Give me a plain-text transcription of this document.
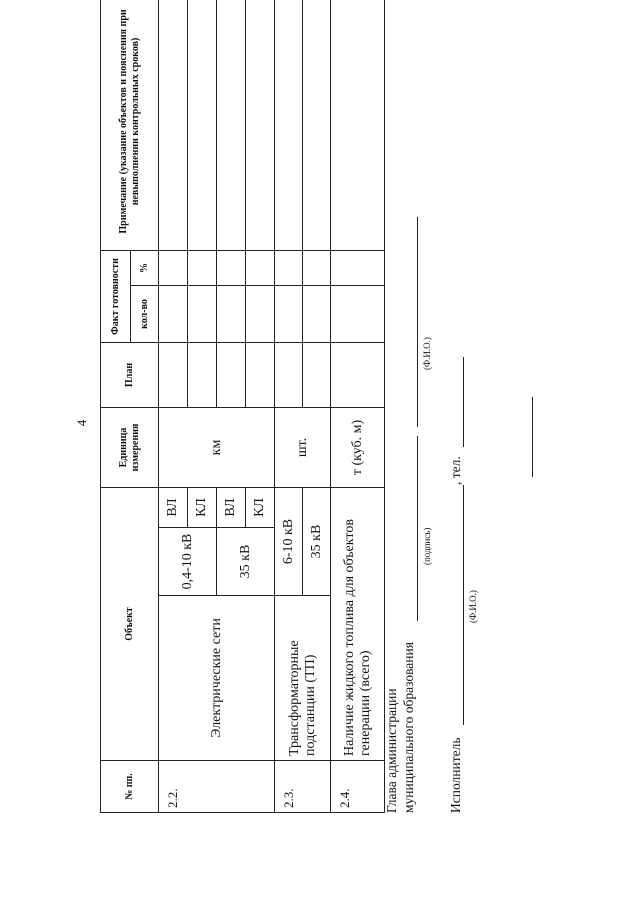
4
№ пп.	Объект			Единица измерения	План	Факт готовности		Примечание (указание объектов и пояснения при невыполнении контрольных сроков)
						кол-во	%	
2.2.	Электрические сети	0,4-10 кВ	ВЛ	км				
			КЛ					
		35 кВ	ВЛ					
			КЛ					
2.3.	Трансформаторные подстанции (ТП)	6-10 кВ		шт.				
		35 кВ						
2.4.	Наличие жидкого топлива для объектов генерации (всего)			т (куб. м)				
Глава администрации муниципального образования
(подпись)
(Ф.И.О.)
Исполнитель
(Ф.И.О.)
, тел.
